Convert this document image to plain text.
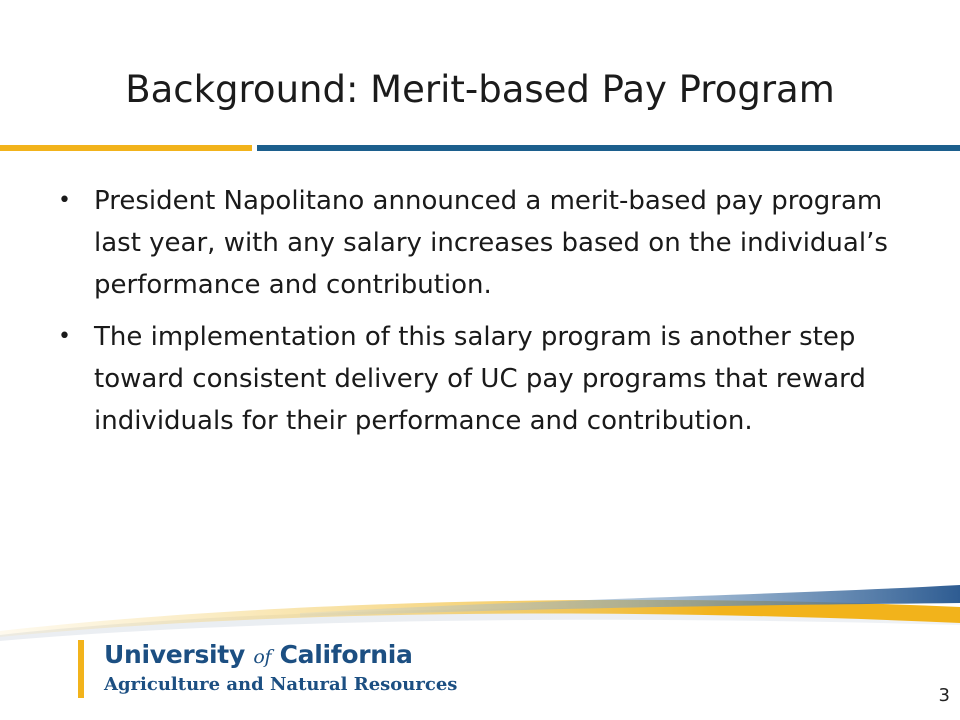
Background: Merit-based Pay Program
• President Napolitano announced a merit-based pay program last year, with any salary increases based on the individual’s performance and contribution.
• The implementation of this salary program is another step toward consistent delivery of UC pay programs that reward individuals for their performance and contribution.
University of California
Agriculture and Natural Resources
3
